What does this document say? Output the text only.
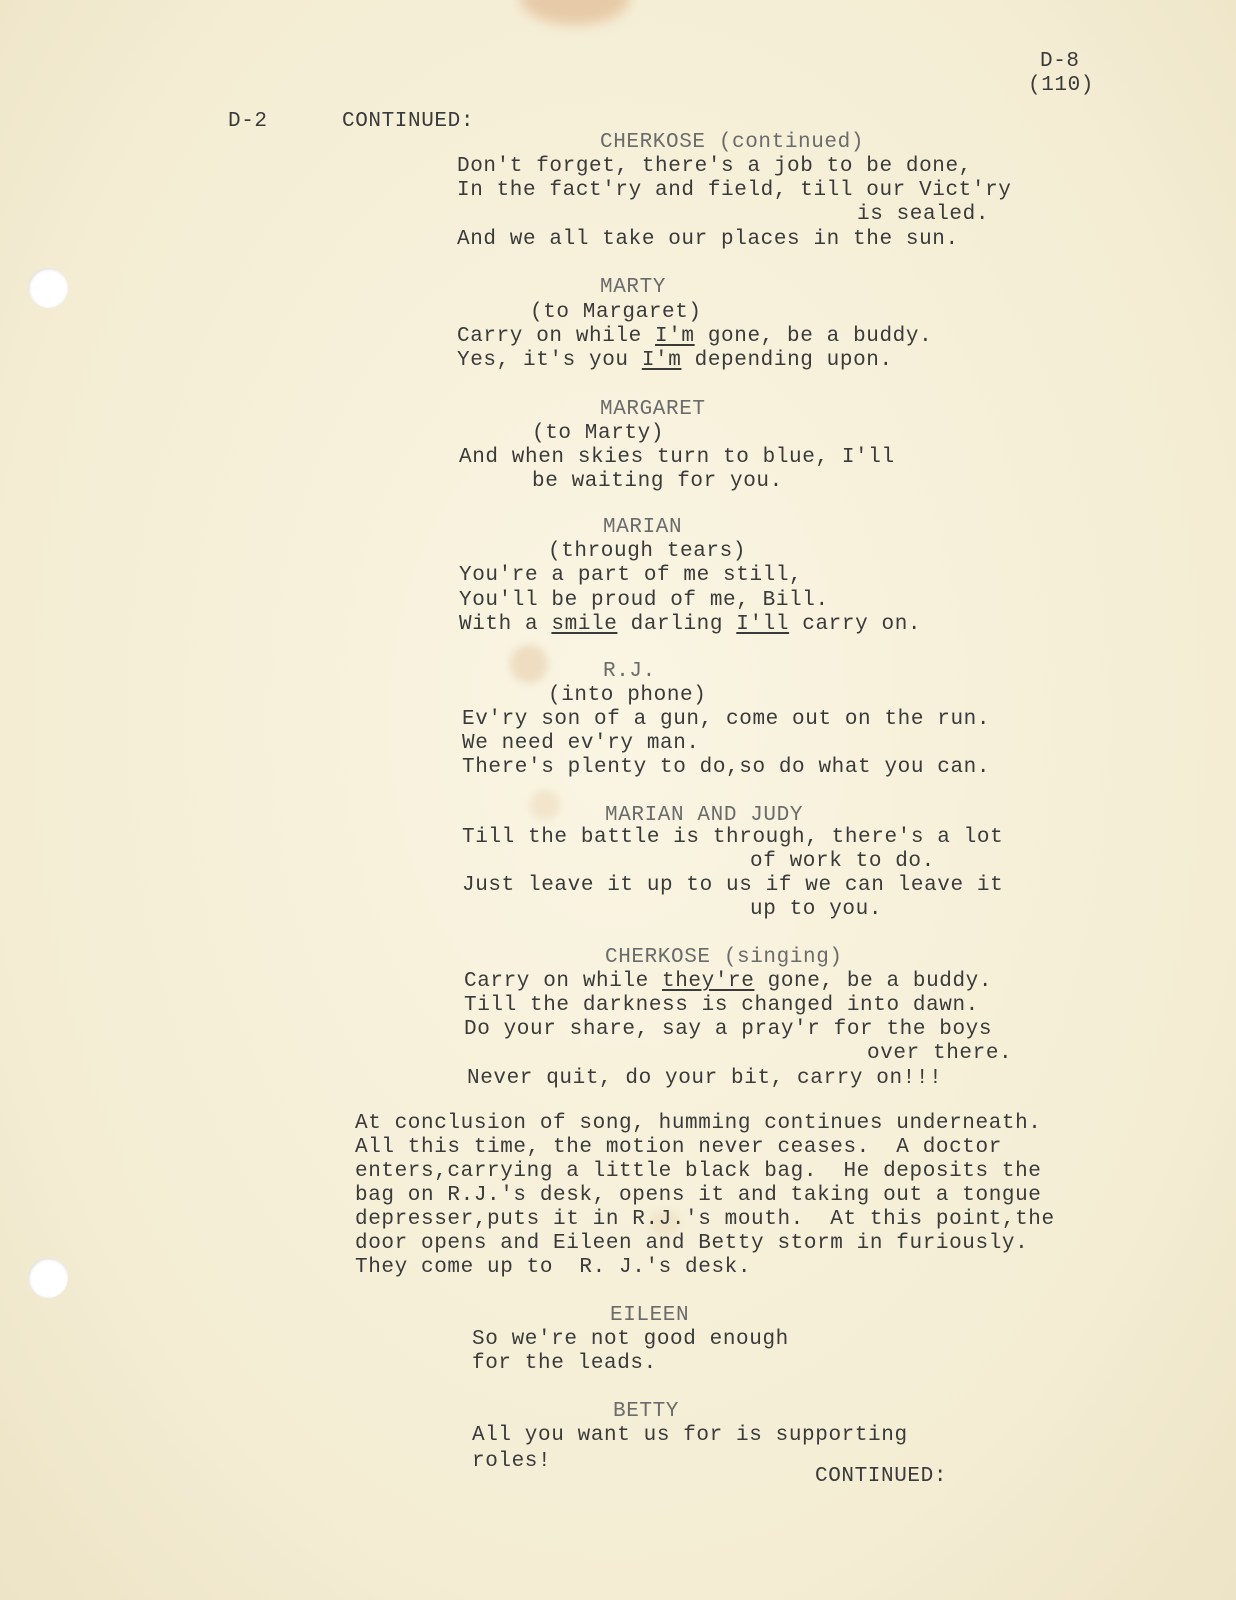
D-8

(110)

D-2	CONTINUED:

CHERKOSE (continued)

Don't forget, there's a job to be done,

In the fact'ry and field, till our Vict'ry

is sealed.

And we all take our places in the sun.

MARTY

(to Margaret)

Carry on while I'm gone, be a buddy.

Yes, it's you I'm depending upon.

MARGARET

(to Marty)

And when skies turn to blue, I'll

be waiting for you.

MARIAN

(through tears)

You're a part of me still,

You'll be proud of me, Bill.

With a smile darling I'll carry on.

R.J.

(into phone)

Ev'ry son of a gun, come out on the run.

We need ev'ry man.

There's plenty to do,so do what you can.

MARIAN AND JUDY

Till the battle is through, there's a lot

of work to do.

Just leave it up to us if we can leave it

up to you.

CHERKOSE (singing)

Carry on while they're gone, be a buddy.

Till the darkness is changed into dawn.

Do your share, say a pray'r for the boys

over there.

Never quit, do your bit, carry on!!!

At conclusion of song, humming continues underneath.

All this time, the motion never ceases.  A doctor

enters,carrying a little black bag.  He deposits the

bag on R.J.'s desk, opens it and taking out a tongue

depresser,puts it in R.J.'s mouth.  At this point,the

door opens and Eileen and Betty storm in furiously.

They come up to  R. J.'s desk.

EILEEN

So we're not good enough

for the leads.

BETTY

All you want us for is supporting

roles!

CONTINUED:
